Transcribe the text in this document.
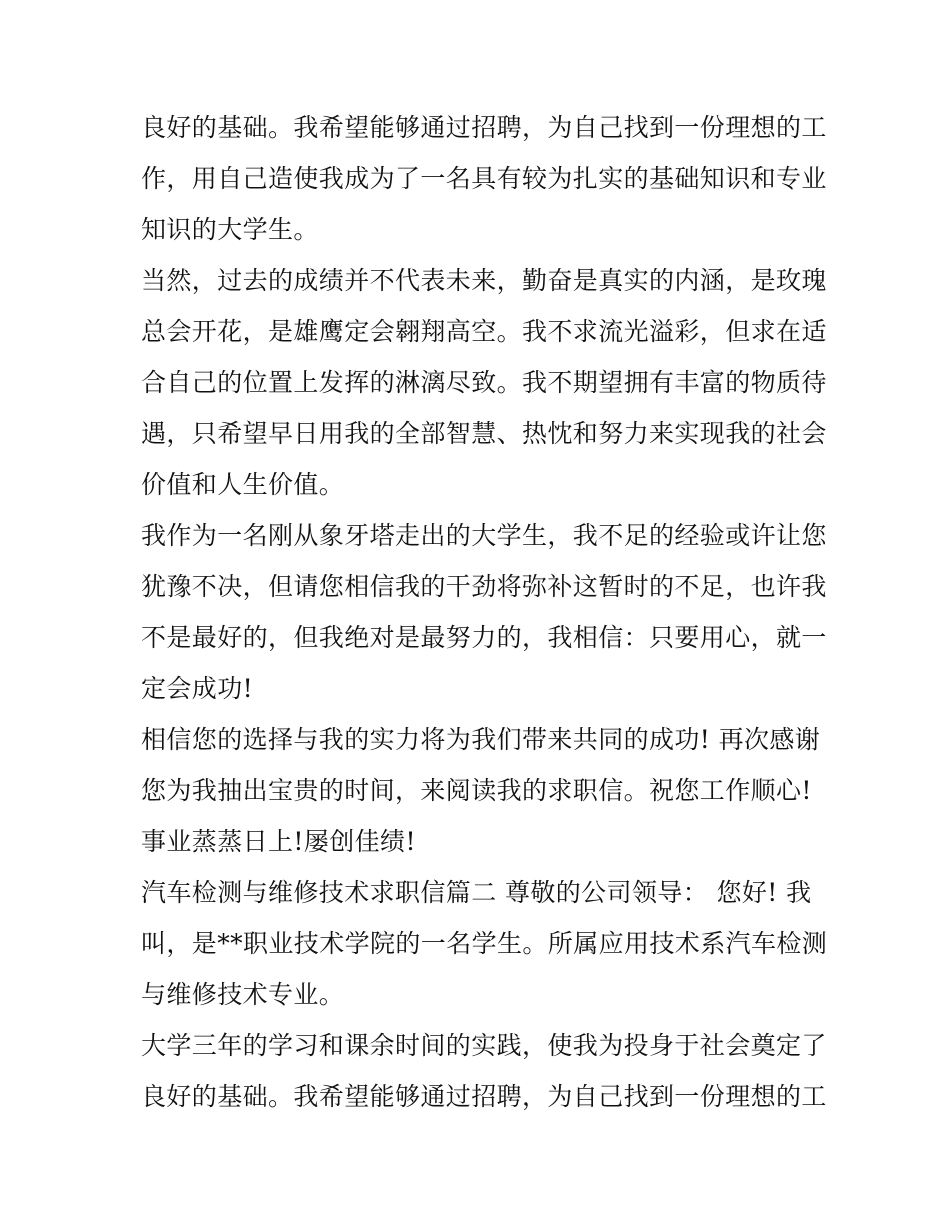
良好的基础。我希望能够通过招聘，为自己找到一份理想的工
作，用自己造使我成为了一名具有较为扎实的基础知识和专业
知识的大学生。
当然，过去的成绩并不代表未来，勤奋是真实的内涵，是玫瑰
总会开花，是雄鹰定会翱翔高空。我不求流光溢彩，但求在适
合自己的位置上发挥的淋漓尽致。我不期望拥有丰富的物质待
遇，只希望早日用我的全部智慧、热忱和努力来实现我的社会
价值和人生价值。
我作为一名刚从象牙塔走出的大学生，我不足的经验或许让您
犹豫不决，但请您相信我的干劲将弥补这暂时的不足，也许我
不是最好的，但我绝对是最努力的，我相信：只要用心，就一
定会成功!
相信您的选择与我的实力将为我们带来共同的成功! 再次感谢
您为我抽出宝贵的时间，来阅读我的求职信。祝您工作顺心!
事业蒸蒸日上!屡创佳绩!
汽车检测与维修技术求职信篇二 尊敬的公司领导： 您好! 我
叫，是**职业技术学院的一名学生。所属应用技术系汽车检测
与维修技术专业。
大学三年的学习和课余时间的实践，使我为投身于社会奠定了
良好的基础。我希望能够通过招聘，为自己找到一份理想的工
